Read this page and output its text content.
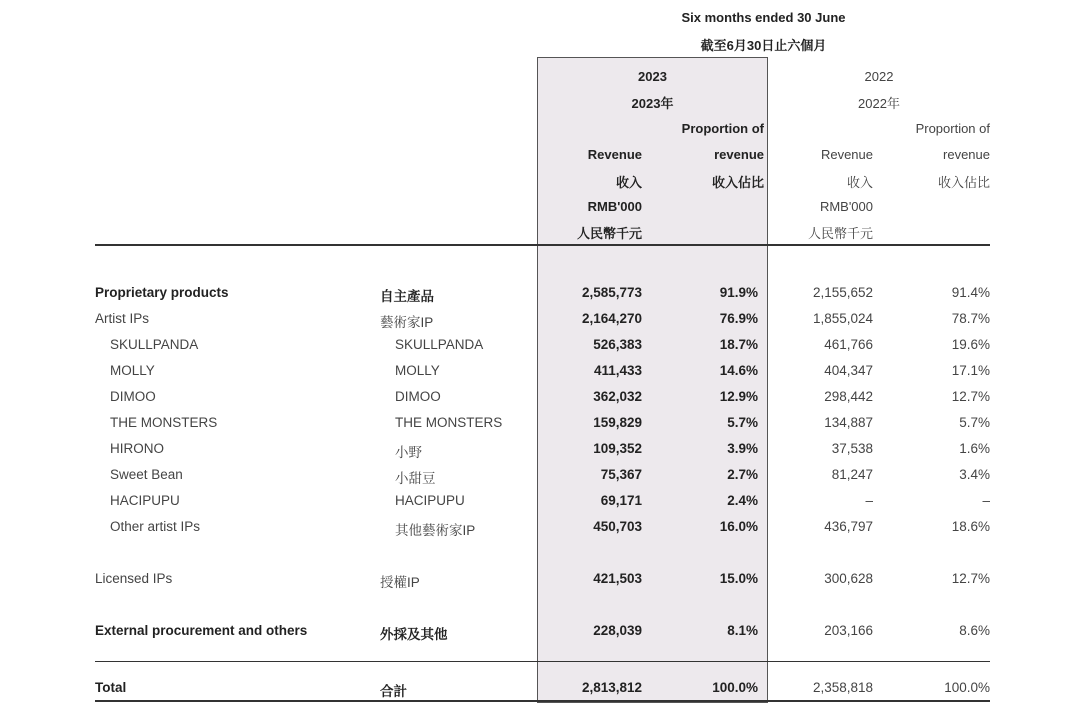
Six months ended 30 June
截至6月30日止六個月
2023
2023年
2022
2022年
Proportion of
Revenue	revenue
收入	收入佔比
RMB'000
人民幣千元
Proportion of
Revenue	revenue
收入	收入佔比
RMB'000
人民幣千元
Proprietary products	自主產品	2,585,773	91.9%	2,155,652	91.4%
Artist IPs	藝術家IP	2,164,270	76.9%	1,855,024	78.7%
SKULLPANDA	SKULLPANDA	526,383	18.7%	461,766	19.6%
MOLLY	MOLLY	411,433	14.6%	404,347	17.1%
DIMOO	DIMOO	362,032	12.9%	298,442	12.7%
THE MONSTERS	THE MONSTERS	159,829	5.7%	134,887	5.7%
HIRONO	小野	109,352	3.9%	37,538	1.6%
Sweet Bean	小甜豆	75,367	2.7%	81,247	3.4%
HACIPUPU	HACIPUPU	69,171	2.4%	–	–
Other artist IPs	其他藝術家IP	450,703	16.0%	436,797	18.6%
Licensed IPs	授權IP	421,503	15.0%	300,628	12.7%
External procurement and others	外採及其他	228,039	8.1%	203,166	8.6%
Total	合計	2,813,812	100.0%	2,358,818	100.0%
